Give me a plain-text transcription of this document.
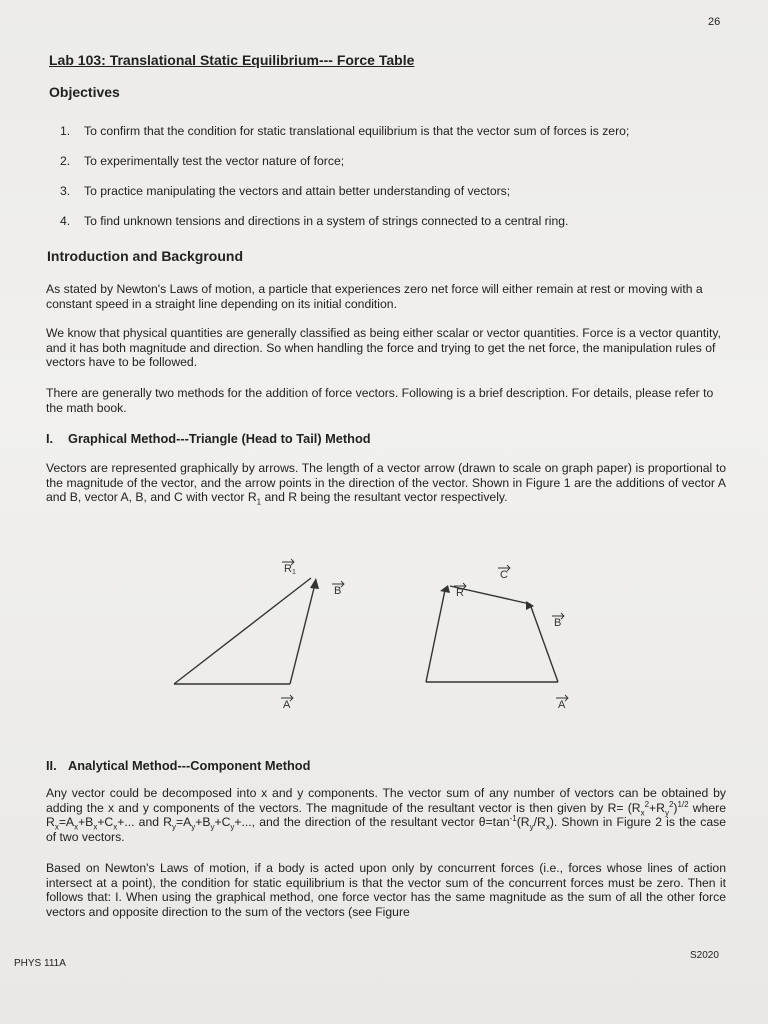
26
Lab 103: Translational Static Equilibrium--- Force Table
Objectives
1.	To confirm that the condition for static translational equilibrium is that the vector sum of forces is zero;
2.	To experimentally test the vector nature of force;
3.	To practice manipulating the vectors and attain better understanding of vectors;
4.	To find unknown tensions and directions in a system of strings connected to a central ring.
Introduction and Background
As stated by Newton's Laws of motion, a particle that experiences zero net force will either remain at rest or moving with a constant speed in a straight line depending on its initial condition.
We know that physical quantities are generally classified as being either scalar or vector quantities. Force is a vector quantity, and it has both magnitude and direction. So when handling the force and trying to get the net force, the manipulation rules of vectors have to be followed.
There are generally two methods for the addition of force vectors. Following is a brief description. For details, please refer to the math book.
I. Graphical Method---Triangle (Head to Tail) Method
Vectors are represented graphically by arrows. The length of a vector arrow (drawn to scale on graph paper) is proportional to the magnitude of the vector, and the arrow points in the direction of the vector. Shown in Figure 1 are the additions of vector A and B, vector A, B, and C with vector $R_1$ and R being the resultant vector respectively.
R1
B
A
R
C
B
A
II. Analytical Method---Component Method
Any vector could be decomposed into x and y components. The vector sum of any number of vectors can be obtained by adding the x and y components of the vectors. The magnitude of the resultant vector is then given by $R= (R_x^2+R_y^2)^{1/2}$ where $R_x=A_x+B_x+C_x+$... and $R_y=A_y+B_y+C_y+$..., and the direction of the resultant vector $\theta=\tan^{-1}(R_y/R_x)$. Shown in Figure 2 is the case of two vectors.
Based on Newton's Laws of motion, if a body is acted upon only by concurrent forces (i.e., forces whose lines of action intersect at a point), the condition for static equilibrium is that the vector sum of the concurrent forces must be zero. Then it follows that: I. When using the graphical method, one force vector has the same magnitude as the sum of all the other force vectors and opposite direction to the sum of the vectors (see Figure
PHYS 111A
S2020
